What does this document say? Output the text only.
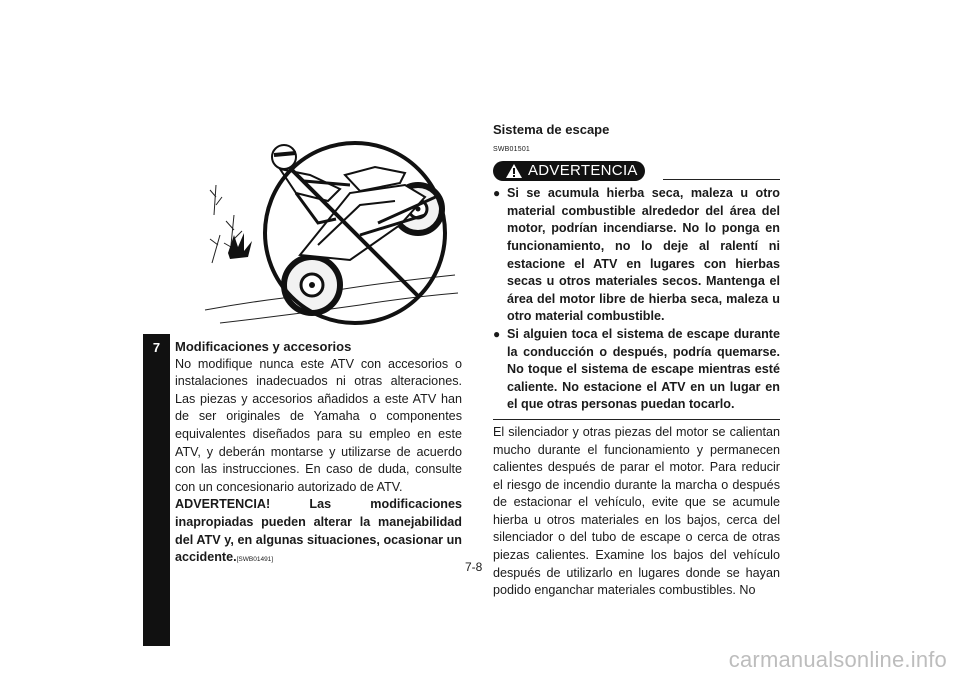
7	Modificaciones y accesorios

No modifique nunca este ATV con accesorios o instalaciones inadecuados ni otras alteraciones. Las piezas y accesorios añadidos a este ATV han de ser originales de Yamaha o componentes equivalentes diseñados para su empleo en este ATV, y deberán montarse y utilizarse de acuerdo con las instrucciones. En caso de duda, consulte con un concesionario autorizado de ATV.

ADVERTENCIA! Las modificaciones inapropiadas pueden alterar la manejabilidad del ATV y, en algunas situaciones, ocasionar un accidente.[SWB01491]

Sistema de escape

SWB01501
ADVERTENCIA
● Si se acumula hierba seca, maleza u otro material combustible alrededor del área del motor, podrían incendiarse. No lo ponga en funcionamiento, no lo deje al ralentí ni estacione el ATV en lugares con hierbas secas u otros materiales secos. Mantenga el área del motor libre de hierba seca, maleza u otro material combustible.
● Si alguien toca el sistema de escape durante la conducción o después, podría quemarse. No toque el sistema de escape mientras esté caliente. No estacione el ATV en un lugar en el que otras personas puedan tocarlo.

El silenciador y otras piezas del motor se calientan mucho durante el funcionamiento y permanecen calientes después de parar el motor. Para reducir el riesgo de incendio durante la marcha o después de estacionar el vehículo, evite que se acumule hierba u otros materiales en los bajos, cerca del silenciador o del tubo de escape o cerca de otras piezas calientes. Examine los bajos del vehículo después de utilizarlo en lugares donde se hayan podido enganchar materiales combustibles. No

7-8
carmanualsonline.info
